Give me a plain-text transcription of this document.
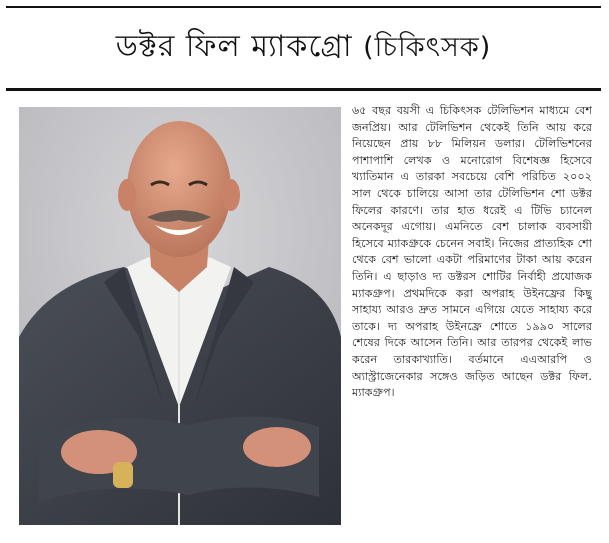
ডক্টর ফিল ম্যাকগ্রো (চিকিৎসক)

৬৫ বছর বয়সী এ চিকিৎসক টেলিভিশন মাধ্যমে বেশ জনপ্রিয়। আর টেলিভিশন থেকেই তিনি আয় করে নিয়েছেন প্রায় ৮৮ মিলিয়ন ডলার। টেলিভিশনের পাশাপাশি লেখক ও মনোরোগ বিশেষজ্ঞ হিসেবে খ্যাতিমান এ তারকা সবচেয়ে বেশি পরিচিত ২০০২ সাল থেকে চালিয়ে আসা তার টেলিভিশন শো ডক্টর ফিলের কারণে। তার হাত ধরেই এ টিভি চ্যানেল অনেকদূর এগোয়। এমনিতে বেশ চালাক ব্যবসায়ী হিসেবে ম্যাকগ্রুকে চেনেন সবাই। নিজের প্রাত্যহিক শো থেকে বেশ ভালো একটা পরিমাণের টাকা আয় করেন তিনি। এ ছাড়াও দ্য ডক্টরস শোটির নির্বাহী প্রযোজক ম্যাকগ্রুপ। প্রথমদিকে করা অপরাহ উইনফ্রের কিছু সাহায্য আরও দ্রুত সামনে এগিয়ে যেতে সাহায্য করে তাকে। দ্য অপরাহ উইনফ্রে শোতে ১৯৯০ সালের শেষের দিকে আসেন তিনি। আর তারপর থেকেই লাভ করেন তারকাখ্যাতি। বর্তমানে এএআরপি ও অ্যাস্ট্রাজেনেকার সঙ্গেও জড়িত আছেন ডক্টর ফিল. ম্যাকগ্রুপ।
